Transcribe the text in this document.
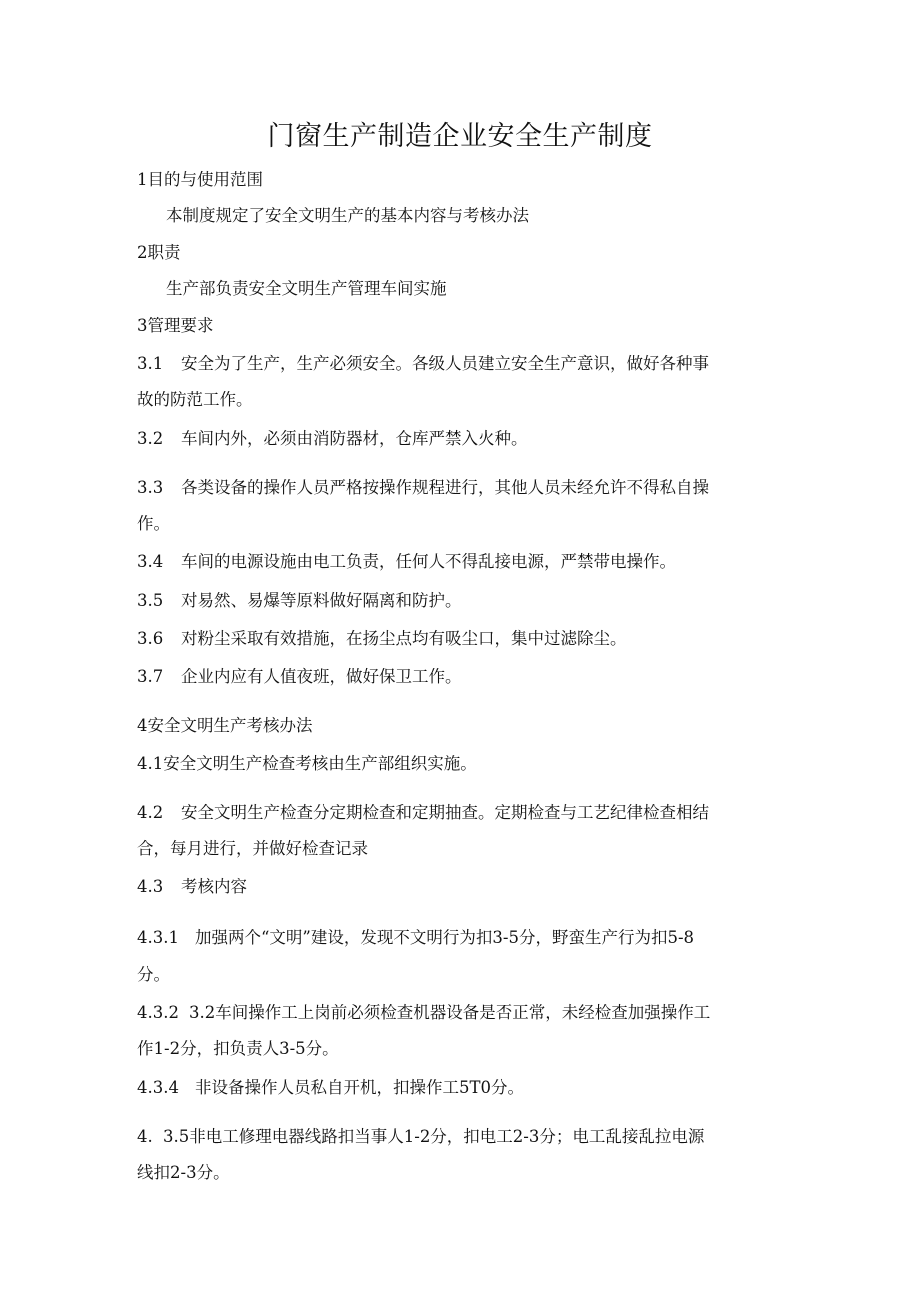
门窗生产制造企业安全生产制度
1目的与使用范围
本制度规定了安全文明生产的基本内容与考核办法
2职责
生产部负责安全文明生产管理车间实施
3管理要求
3.1 安全为了生产，生产必须安全。各级人员建立安全生产意识，做好各种事
故的防范工作。
3.2 车间内外，必须由消防器材，仓库严禁入火种。
3.3 各类设备的操作人员严格按操作规程进行，其他人员未经允许不得私自操
作。
3.4 车间的电源设施由电工负责，任何人不得乱接电源，严禁带电操作。
3.5 对易然、易爆等原料做好隔离和防护。
3.6 对粉尘采取有效措施，在扬尘点均有吸尘口，集中过滤除尘。
3.7 企业内应有人值夜班，做好保卫工作。
4安全文明生产考核办法
4.1安全文明生产检查考核由生产部组织实施。
4.2 安全文明生产检查分定期检查和定期抽查。定期检查与工艺纪律检查相结
合，每月进行，并做好检查记录
4.3 考核内容
4.3.1 加强两个“文明”建设，发现不文明行为扣3-5分，野蛮生产行为扣5-8
分。
4.3.2 3.2车间操作工上岗前必须检查机器设备是否正常，未经检查加强操作工
作1-2分，扣负责人3-5分。
4.3.4 非设备操作人员私自开机，扣操作工5T0分。
4. 3.5非电工修理电器线路扣当事人1-2分，扣电工2-3分；电工乱接乱拉电源
线扣2-3分。
